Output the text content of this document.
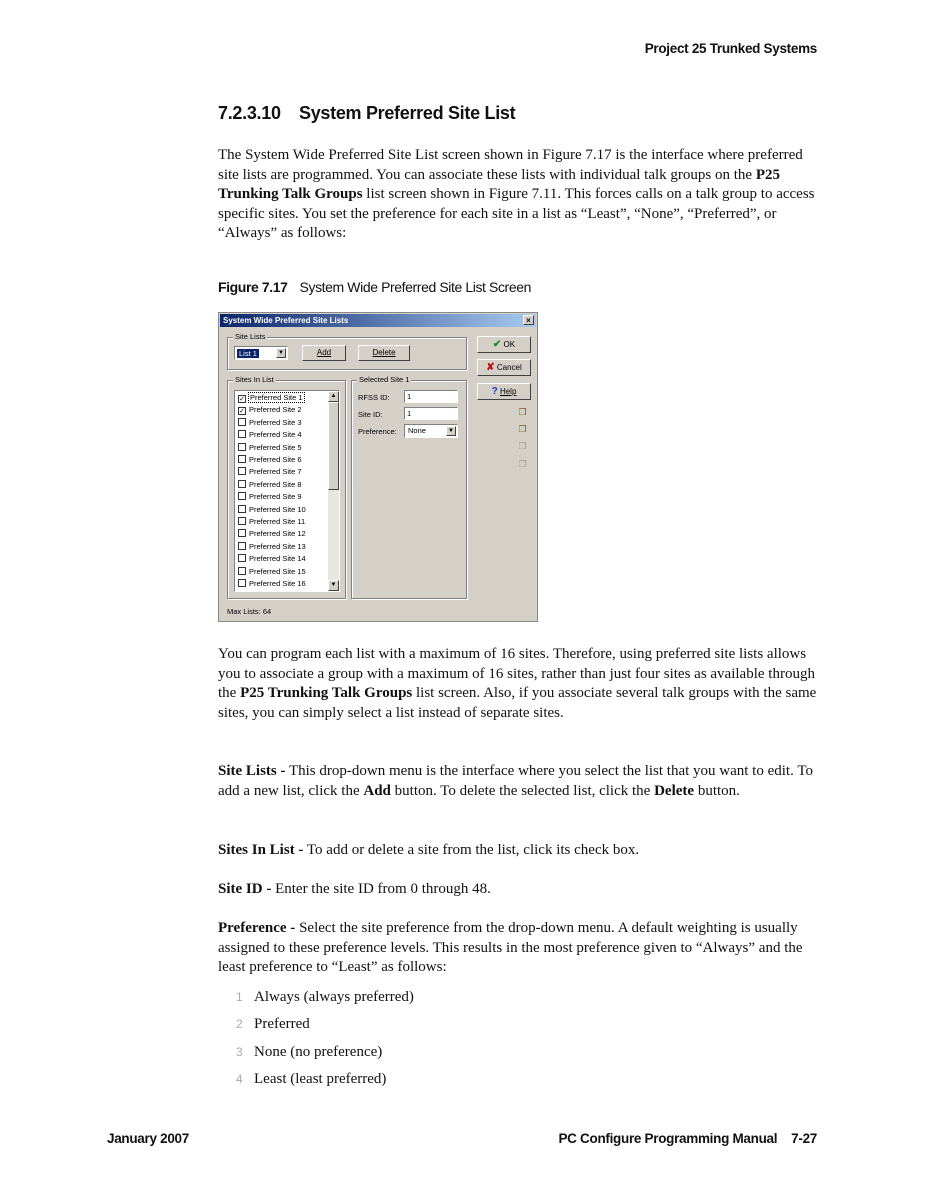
Project 25 Trunked Systems
7.2.3.10 System Preferred Site List

The System Wide Preferred Site List screen shown in Figure 7.17 is the interface where preferred site lists are programmed. You can associate these lists with individual talk groups on the P25 Trunking Talk Groups list screen shown in Figure 7.11. This forces calls on a talk group to access specific sites. You set the preference for each site in a list as “Least”, “None”, “Preferred”, or “Always” as follows:

Figure 7.17 System Wide Preferred Site List Screen
System Wide Preferred Site Lists	×
Site Lists
List 1	▼	Add	Delete
Sites In List
✓ Preferred Site 1
✓ Preferred Site 2
Preferred Site 3
Preferred Site 4
Preferred Site 5
Preferred Site 6
Preferred Site 7
Preferred Site 8
Preferred Site 9
Preferred Site 10
Preferred Site 11
Preferred Site 12
Preferred Site 13
Preferred Site 14
Preferred Site 15
Preferred Site 16
▲
▼
Selected Site 1
RFSS ID:	1
Site ID:	1
Preference: None	▼
✔ OK
✘ Cancel
? Help
❐
❐
❐
❐
Max Lists: 64

You can program each list with a maximum of 16 sites. Therefore, using preferred site lists allows you to associate a group with a maximum of 16 sites, rather than just four sites as available through the P25 Trunking Talk Groups list screen. Also, if you associate several talk groups with the same sites, you can simply select a list instead of separate sites.

Site Lists - This drop-down menu is the interface where you select the list that you want to edit. To add a new list, click the Add button. To delete the selected list, click the Delete button.

Sites In List - To add or delete a site from the list, click its check box.

Site ID - Enter the site ID from 0 through 48.

Preference - Select the site preference from the drop-down menu. A default weighting is usually assigned to these preference levels. This results in the most preference given to “Always” and the least preference to “Least” as follows:

1 Always (always preferred)
2 Preferred
3 None (no preference)
4 Least (least preferred)
January 2007	PC Configure Programming Manual 7-27
